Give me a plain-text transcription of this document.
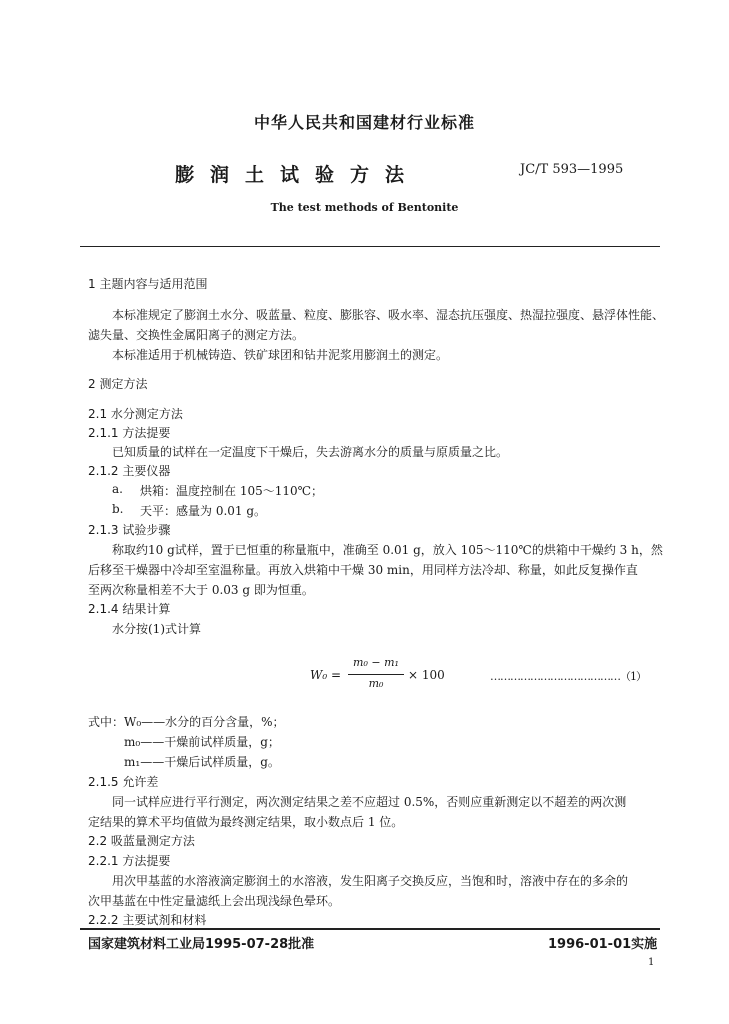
中华人民共和国建材行业标准
膨润土试验方法	JC/T 593—1995
The test methods of Bentonite
1 主题内容与适用范围
本标准规定了膨润土水分、吸蓝量、粒度、膨胀容、吸水率、湿态抗压强度、热湿拉强度、悬浮体性能、
滤失量、交换性金属阳离子的测定方法。
本标准适用于机械铸造、铁矿球团和钻井泥浆用膨润土的测定。
2 测定方法
2.1 水分测定方法
2.1.1 方法提要
已知质量的试样在一定温度下干燥后，失去游离水分的质量与原质量之比。
2.1.2 主要仪器
a. 烘箱：温度控制在 105～110℃；
b. 天平：感量为 0.01 g。
2.1.3 试验步骤
称取约10 g试样，置于已恒重的称量瓶中，准确至 0.01 g，放入 105～110℃的烘箱中干燥约 3 h，然
后移至干燥器中冷却至室温称量。再放入烘箱中干燥 30 min，用同样方法冷却、称量，如此反复操作直
至两次称量相差不大于 0.03 g 即为恒重。
2.1.4 结果计算
水分按(1)式计算
W₀ =
m₀ − m₁
m₀
× 100	…………………………………（1）
式中： W₀——水分的百分含量，%；
m₀——干燥前试样质量，g；
m₁——干燥后试样质量，g。
2.1.5 允许差
同一试样应进行平行测定，两次测定结果之差不应超过 0.5%，否则应重新测定以不超差的两次测
定结果的算术平均值做为最终测定结果，取小数点后 1 位。
2.2 吸蓝量测定方法
2.2.1 方法提要
用次甲基蓝的水溶液滴定膨润土的水溶液，发生阳离子交换反应，当饱和时，溶液中存在的多余的
次甲基蓝在中性定量滤纸上会出现浅绿色晕环。
2.2.2 主要试剂和材料
国家建筑材料工业局1995-07-28批准	1996-01-01实施
1
